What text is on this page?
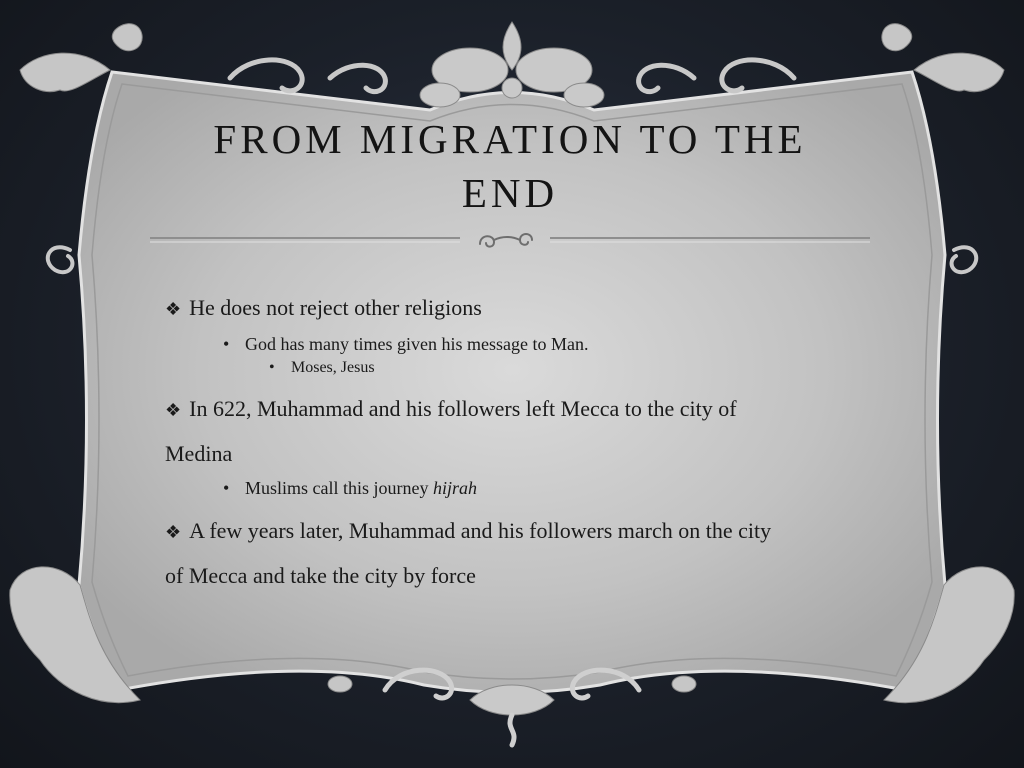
FROM MIGRATION TO THE
END

❖ He does not reject other religions

• God has many times given his message to Man.

• Moses, Jesus

❖ In 622, Muhammad and his followers left Mecca to the city of
Medina

• Muslims call this journey hijrah

❖ A few years later, Muhammad and his followers march on the city
of Mecca and take the city by force
